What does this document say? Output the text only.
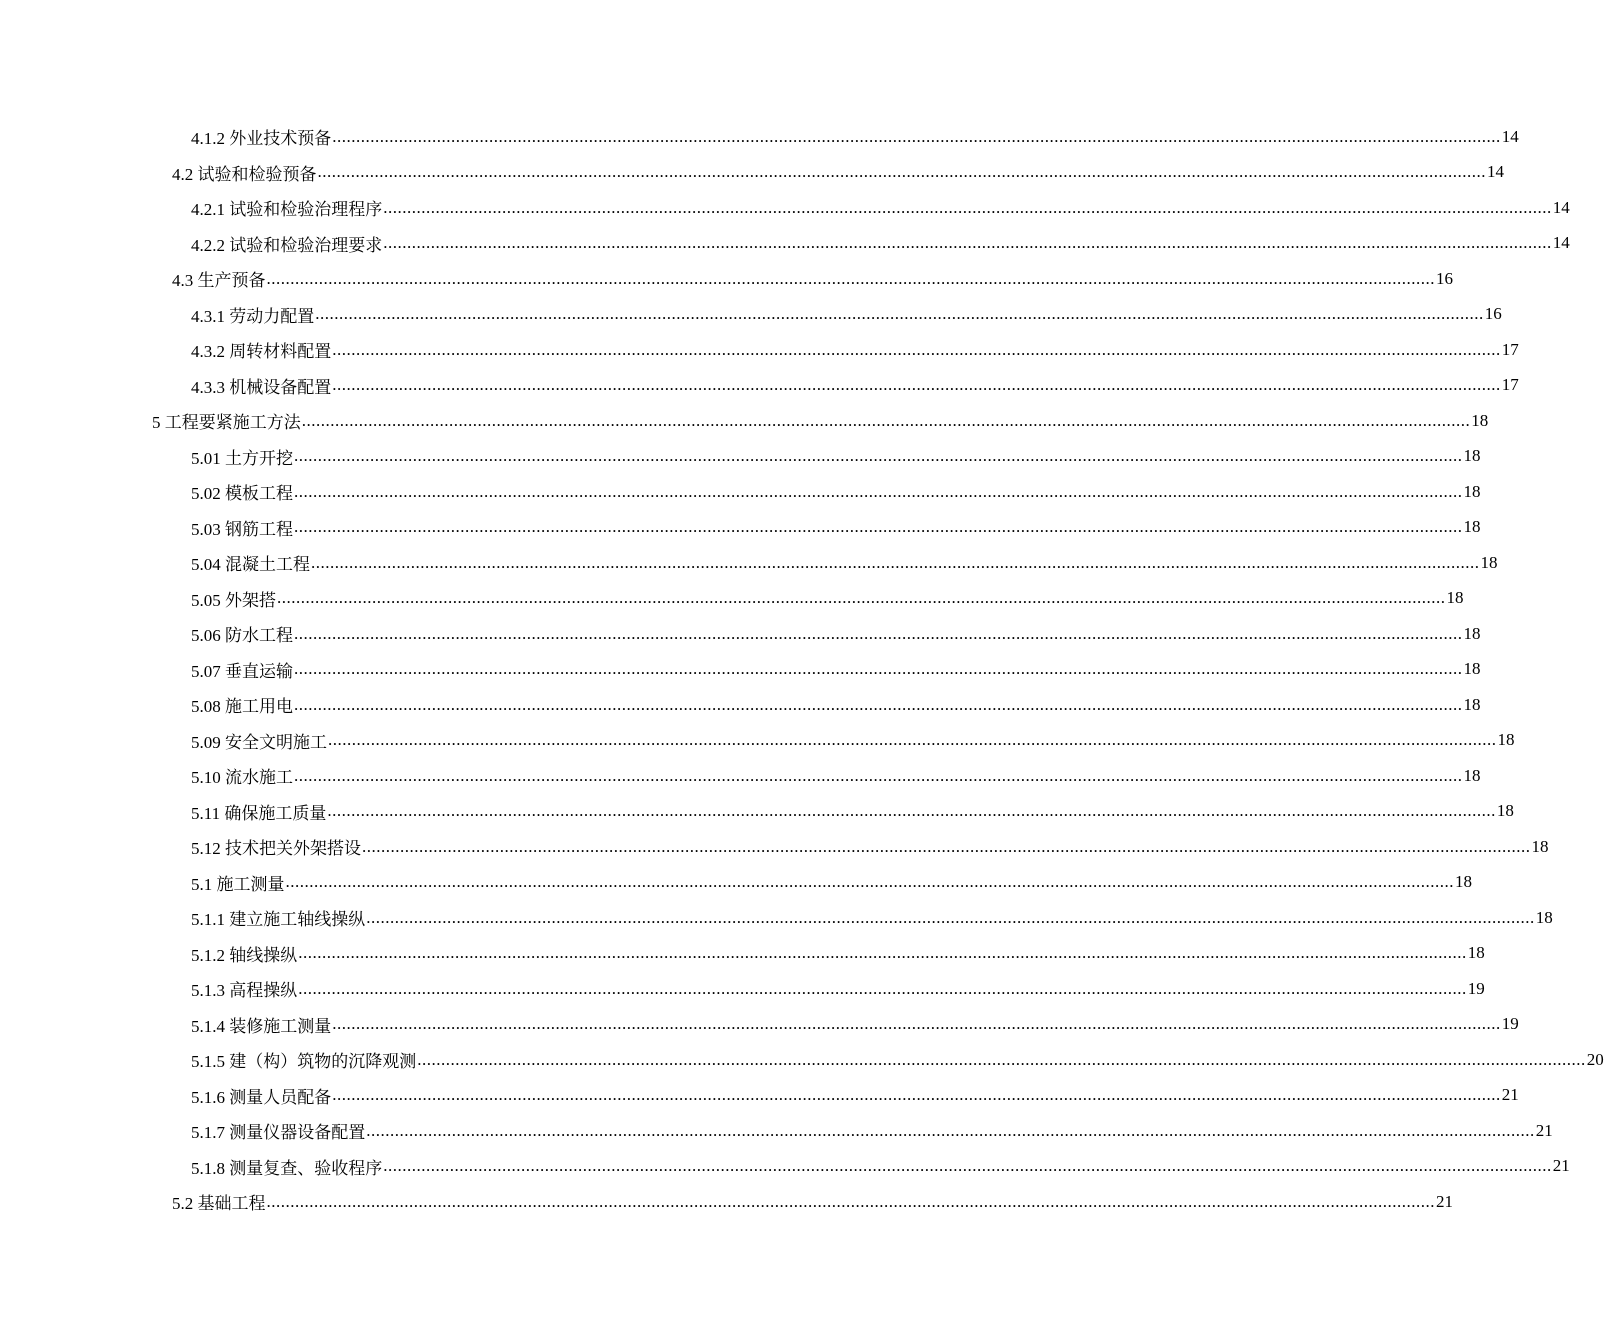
4.1.2 外业技术预备 .....	14
4.2 试验和检验预备 .....	14
4.2.1 试验和检验治理程序 .....	14
4.2.2 试验和检验治理要求 .....	14
4.3 生产预备 .....	16
4.3.1 劳动力配置 .....	16
4.3.2 周转材料配置 .....	17
4.3.3 机械设备配置 .....	17
5 工程要紧施工方法 .....	18
5.01 土方开挖 .....	18
5.02 模板工程 .....	18
5.03 钢筋工程 .....	18
5.04 混凝土工程 .....	18
5.05 外架搭 .....	18
5.06 防水工程 .....	18
5.07 垂直运输 .....	18
5.08 施工用电 .....	18
5.09 安全文明施工 .....	18
5.10 流水施工 .....	18
5.11 确保施工质量 .....	18
5.12 技术把关外架搭设 .....	18
5.1 施工测量 .....	18
5.1.1 建立施工轴线操纵 .....	18
5.1.2 轴线操纵 .....	18
5.1.3 高程操纵 .....	19
5.1.4 装修施工测量 .....	19
5.1.5 建（构）筑物的沉降观测 .....	20
5.1.6 测量人员配备 .....	21
5.1.7 测量仪器设备配置 .....	21
5.1.8 测量复查、验收程序 .....	21
5.2 基础工程 .....	21
